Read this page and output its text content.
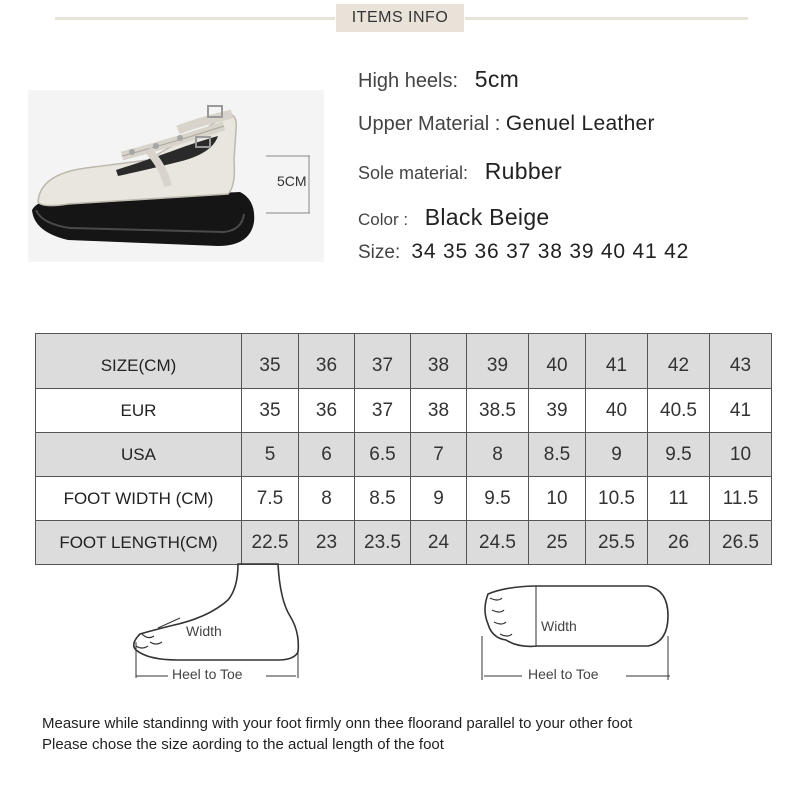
ITEMS INFO
5CM
High heels: 5cm
Upper Material : Genuel Leather
Sole material: Rubber
Color : Black Beige
Size: 34 35 36 37 38 39 40 41 42
SIZE(CM)	35	36	37	38	39	40	41	42	43
EUR	35	36	37	38	38.5	39	40	40.5	41
USA	5	6	6.5	7	8	8.5	9	9.5	10
FOOT WIDTH (CM)	7.5	8	8.5	9	9.5	10	10.5	11	11.5
FOOT LENGTH(CM)	22.5	23	23.5	24	24.5	25	25.5	26	26.5
Width
Heel to Toe
Width
Heel to Toe
Measure while standinng with your foot firmly onn thee floorand parallel to your other foot
Please chose the size aording to the actual length of the foot
